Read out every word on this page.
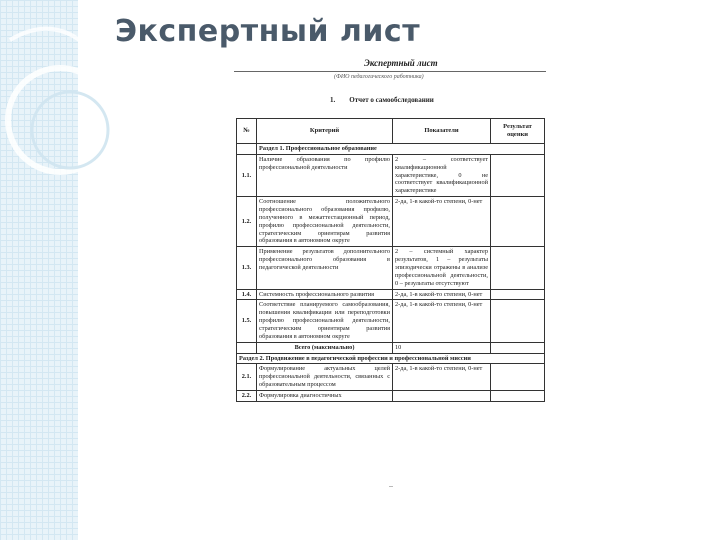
Экспертный лист
Экспертный лист
(ФИО педагогического работника)
1. Отчет о самообследовании
№	Критерий	Показатели	Результат оценки
	Раздел 1. Профессиональное образование		
1.1.	Наличие образования по профилю профессиональной деятельности	2 – соответствует квалификационной характеристике, 0 не соответствует квалификационной характеристике	
1.2.	Соотношение положительного профессионального образования профилю, полученного в межаттестационный период, профилю профессиональной деятельности, стратегическим ориентирам развития образования в автономном округе	2-да, 1-в какой-то степени, 0-нет	
1.3.	Применение результатов дополнительного профессионального образования в педагогической деятельности	2 – системный характер результатов, 1 – результаты эпизодически отражены в анализе профессиональной деятельности, 0 – результаты отсутствуют	
1.4.	Системность профессионального развития	2-да, 1-в какой-то степени, 0-нет	
1.5.	Соответствие планируемого самообразования, повышения квалификации или переподготовки профилю профессиональной деятельности, стратегическим ориентирам развития образования в автономном округе	2-да, 1-в какой-то степени, 0-нет	
	Всего (максимально)	10	
Раздел 2. Продвижение в педагогической профессии и профессиональной миссии			
2.1.	Формулирование актуальных целей профессиональной деятельности, связанных с образовательным процессом	2-да, 1-в какой-то степени, 0-нет	
2.2.	Формулировка диагностичных		
--
